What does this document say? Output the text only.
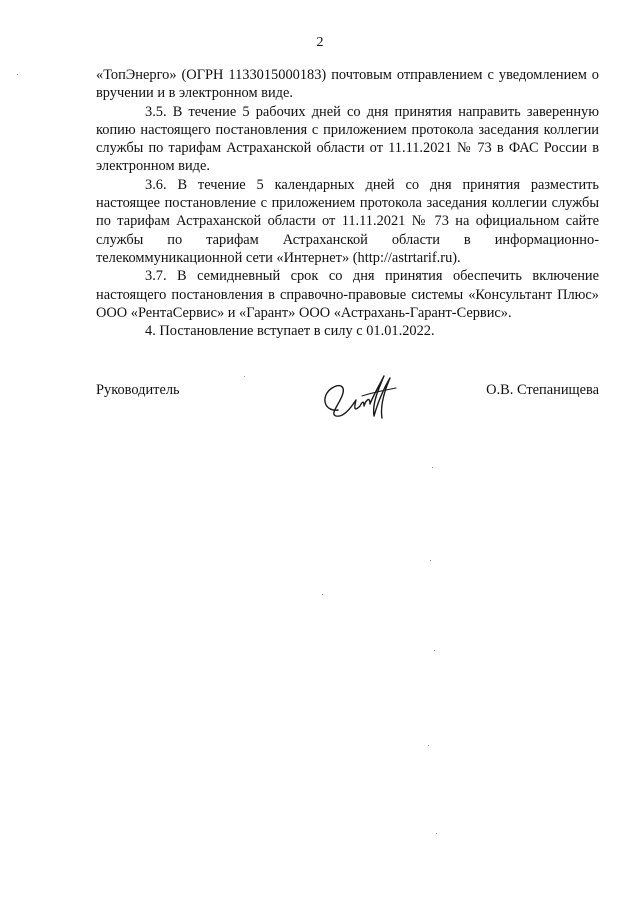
2

«ТопЭнерго» (ОГРН 1133015000183) почтовым отправлением с уведомлением о вручении и в электронном виде.

3.5. В течение 5 рабочих дней со дня принятия направить заверенную копию настоящего постановления с приложением протокола заседания коллегии службы по тарифам Астраханской области от 11.11.2021 № 73 в ФАС России в электронном виде.

3.6. В течение 5 календарных дней со дня принятия разместить настоящее постановление с приложением протокола заседания коллегии службы по тарифам Астраханской области от 11.11.2021 № 73 на официальном сайте службы по тарифам Астраханской области в информационно-телекоммуникационной сети «Интернет» (http://astrtarif.ru).

3.7. В семидневный срок со дня принятия обеспечить включение настоящего постановления в справочно-правовые системы «Консультант Плюс» ООО «РентаСервис» и «Гарант» ООО «Астрахань-Гарант-Сервис».

4. Постановление вступает в силу с 01.01.2022.

Руководитель	О.В. Степанищева
